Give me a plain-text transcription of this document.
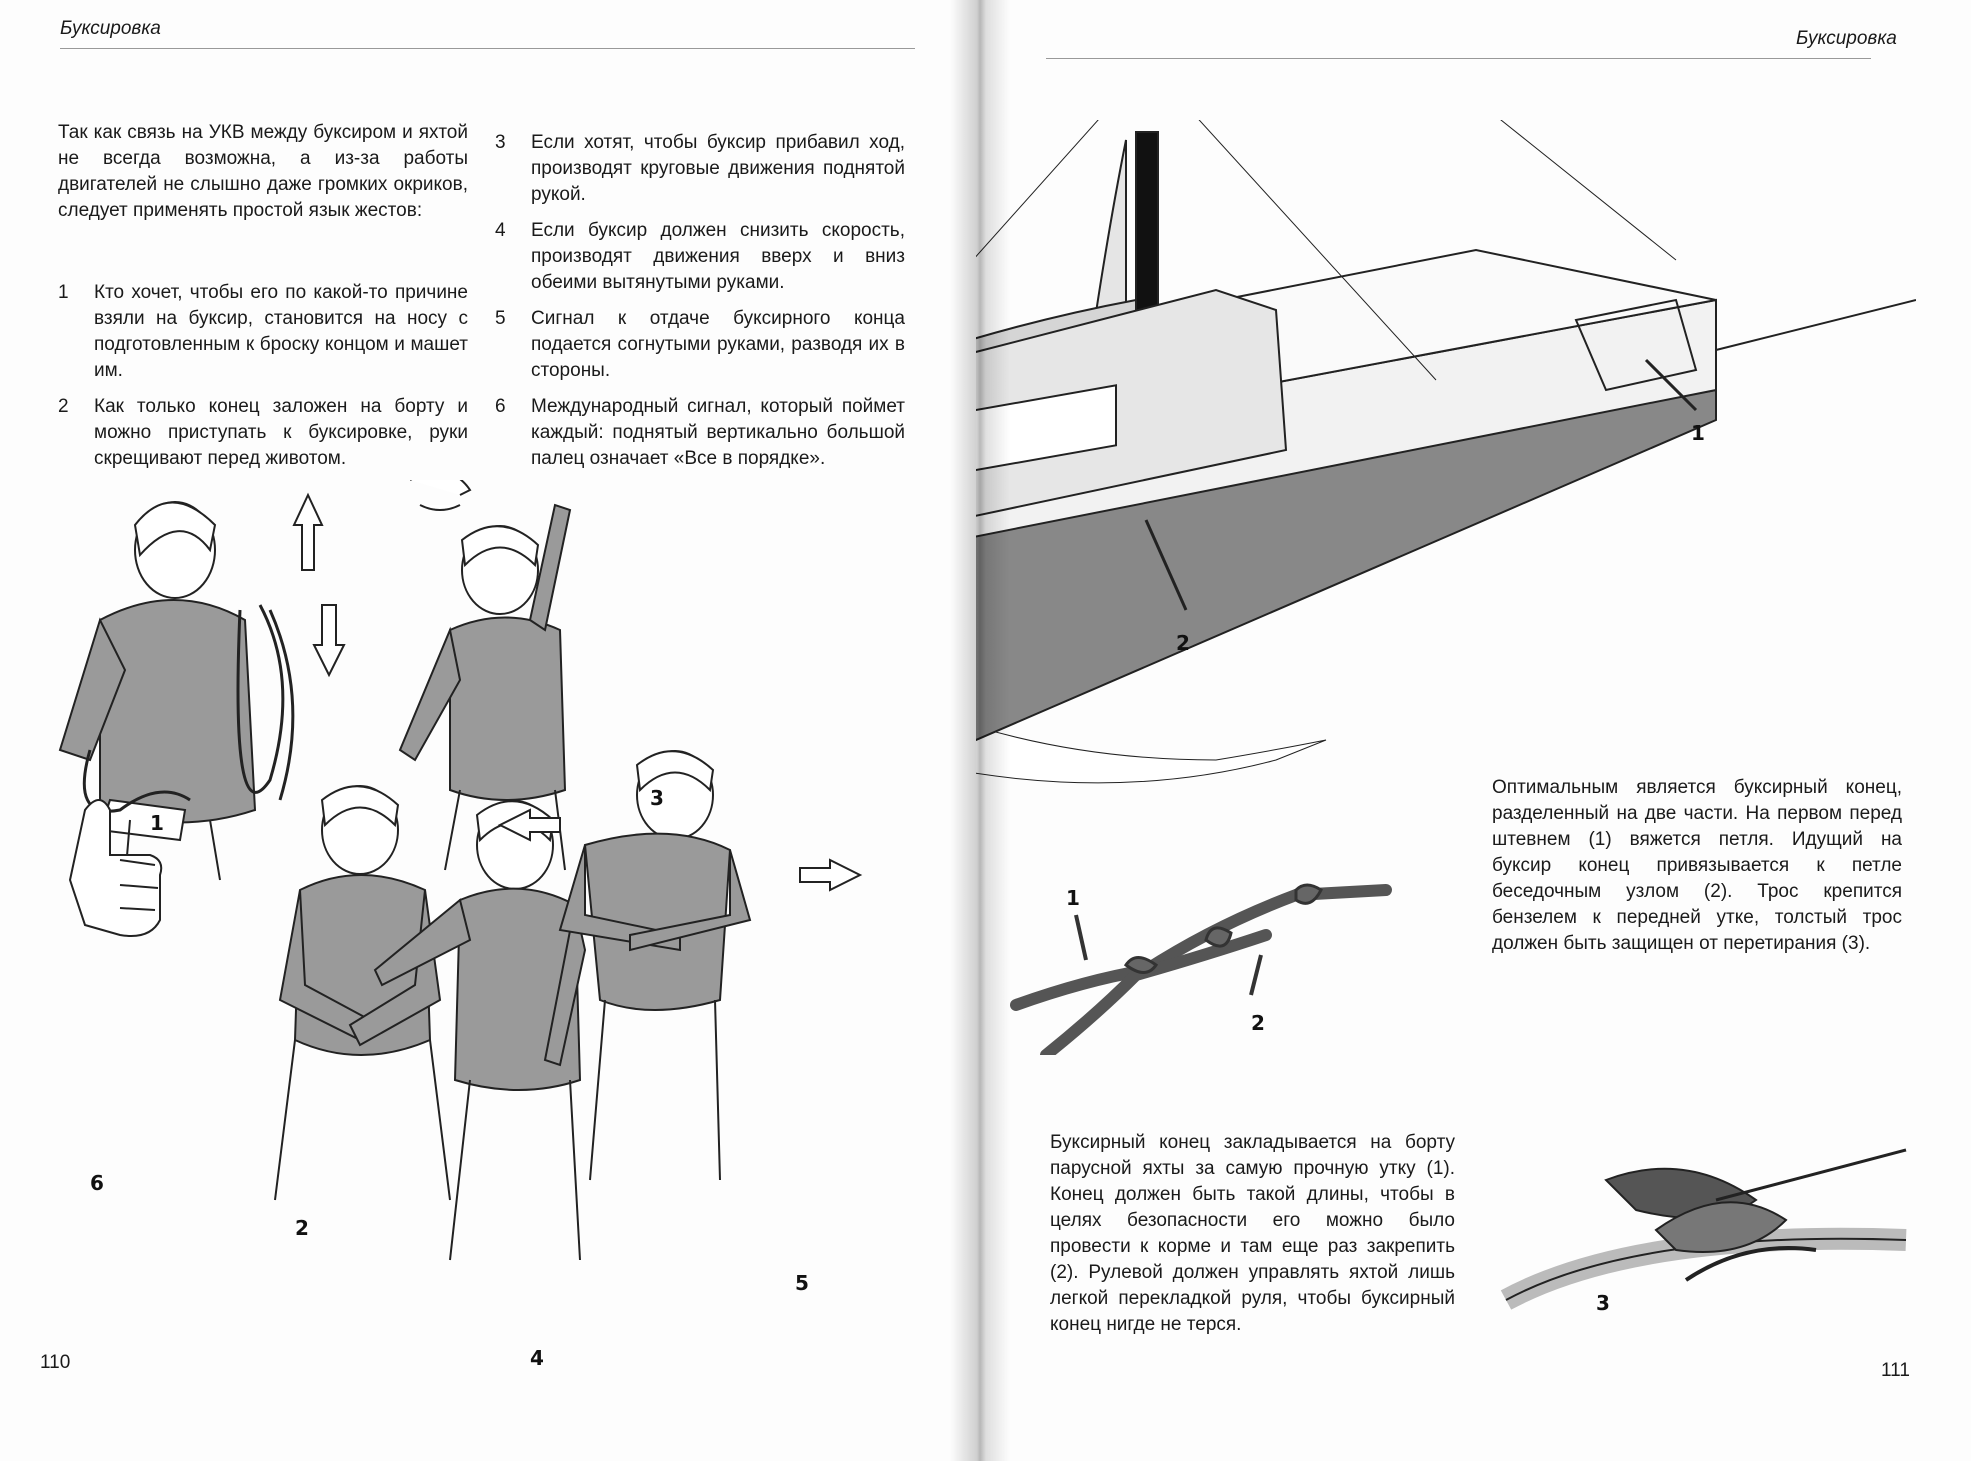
Буксировка
Так как связь на УКВ между буксиром и яхтой не всегда возможна, а из-за работы двигателей не слышно даже громких окриков, следует применять простой язык жестов:
1 Кто хочет, чтобы его по какой-то причине взяли на буксир, становится на носу с подготовленным к броску концом и машет им.
2 Как только конец заложен на борту и можно приступать к буксировке, руки скрещивают перед животом.
3 Если хотят, чтобы буксир прибавил ход, производят круговые движения поднятой рукой.
4 Если буксир должен снизить скорость, производят движения вверх и вниз обеими вытянутыми руками.
5 Сигнал к отдаче буксирного конца подается согнутыми руками, разводя их в стороны.
6 Международный сигнал, который поймет каждый: поднятый вертикально большой палец означает «Все в порядке».
1
2
3
4
5
6
110
Буксировка
1
2
1
2
Оптимальным является буксирный конец, разделенный на две части. На первом перед штевнем (1) вяжется петля. Идущий на буксир конец привязывается к петле беседочным узлом (2). Трос крепится бензелем к передней утке, толстый трос должен быть защищен от перетирания (3).
Буксирный конец закладывается на борту парусной яхты за самую прочную утку (1). Конец должен быть такой длины, чтобы в целях безопасности его можно было провести к корме и там еще раз закрепить (2). Рулевой должен управлять яхтой лишь легкой перекладкой руля, чтобы буксирный конец нигде не терся.
3
111
